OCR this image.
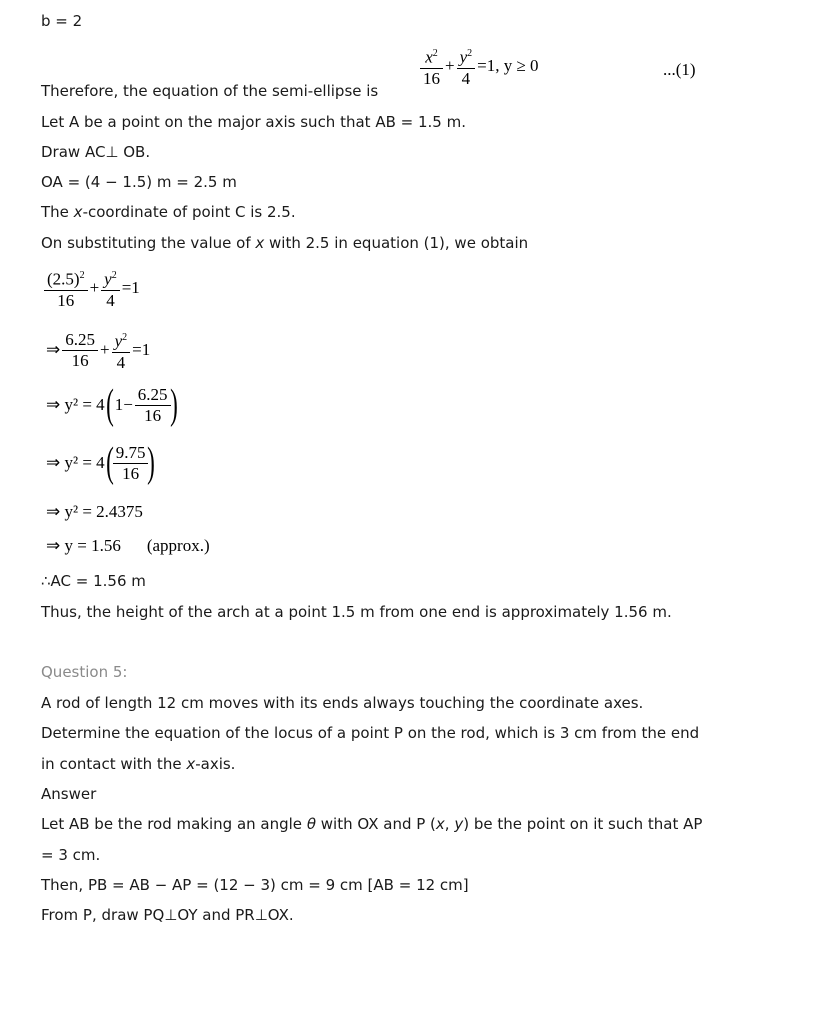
b = 2
$\frac{x^2}{16} + \frac{y^2}{4} =1$, y ≥ 0	...(1)
Therefore, the equation of the semi-ellipse is
Let A be a point on the major axis such that AB = 1.5 m.
Draw AC⊥ OB.
OA = (4 − 1.5) m = 2.5 m
The x-coordinate of point C is 2.5.
On substituting the value of x with 2.5 in equation (1), we obtain
$\frac{(2.5)^2}{16} + \frac{y^2}{4} =1$
⇒ $\frac{6.25}{16} + \frac{y^2}{4} =1$
⇒ $y^2 = 4(1- \frac{6.25}{16}$ )
⇒ $y^2 = 4( \frac{9.75}{16}$ )
⇒ y² = 2.4375
⇒ y = 1.56 (approx.)
∴AC = 1.56 m
Thus, the height of the arch at a point 1.5 m from one end is approximately 1.56 m.
Question 5:
A rod of length 12 cm moves with its ends always touching the coordinate axes.
Determine the equation of the locus of a point P on the rod, which is 3 cm from the end
in contact with the x-axis.
Answer
Let AB be the rod making an angle θ with OX and P (x, y) be the point on it such that AP
= 3 cm.
Then, PB = AB − AP = (12 − 3) cm = 9 cm [AB = 12 cm]
From P, draw PQ⊥OY and PR⊥OX.
